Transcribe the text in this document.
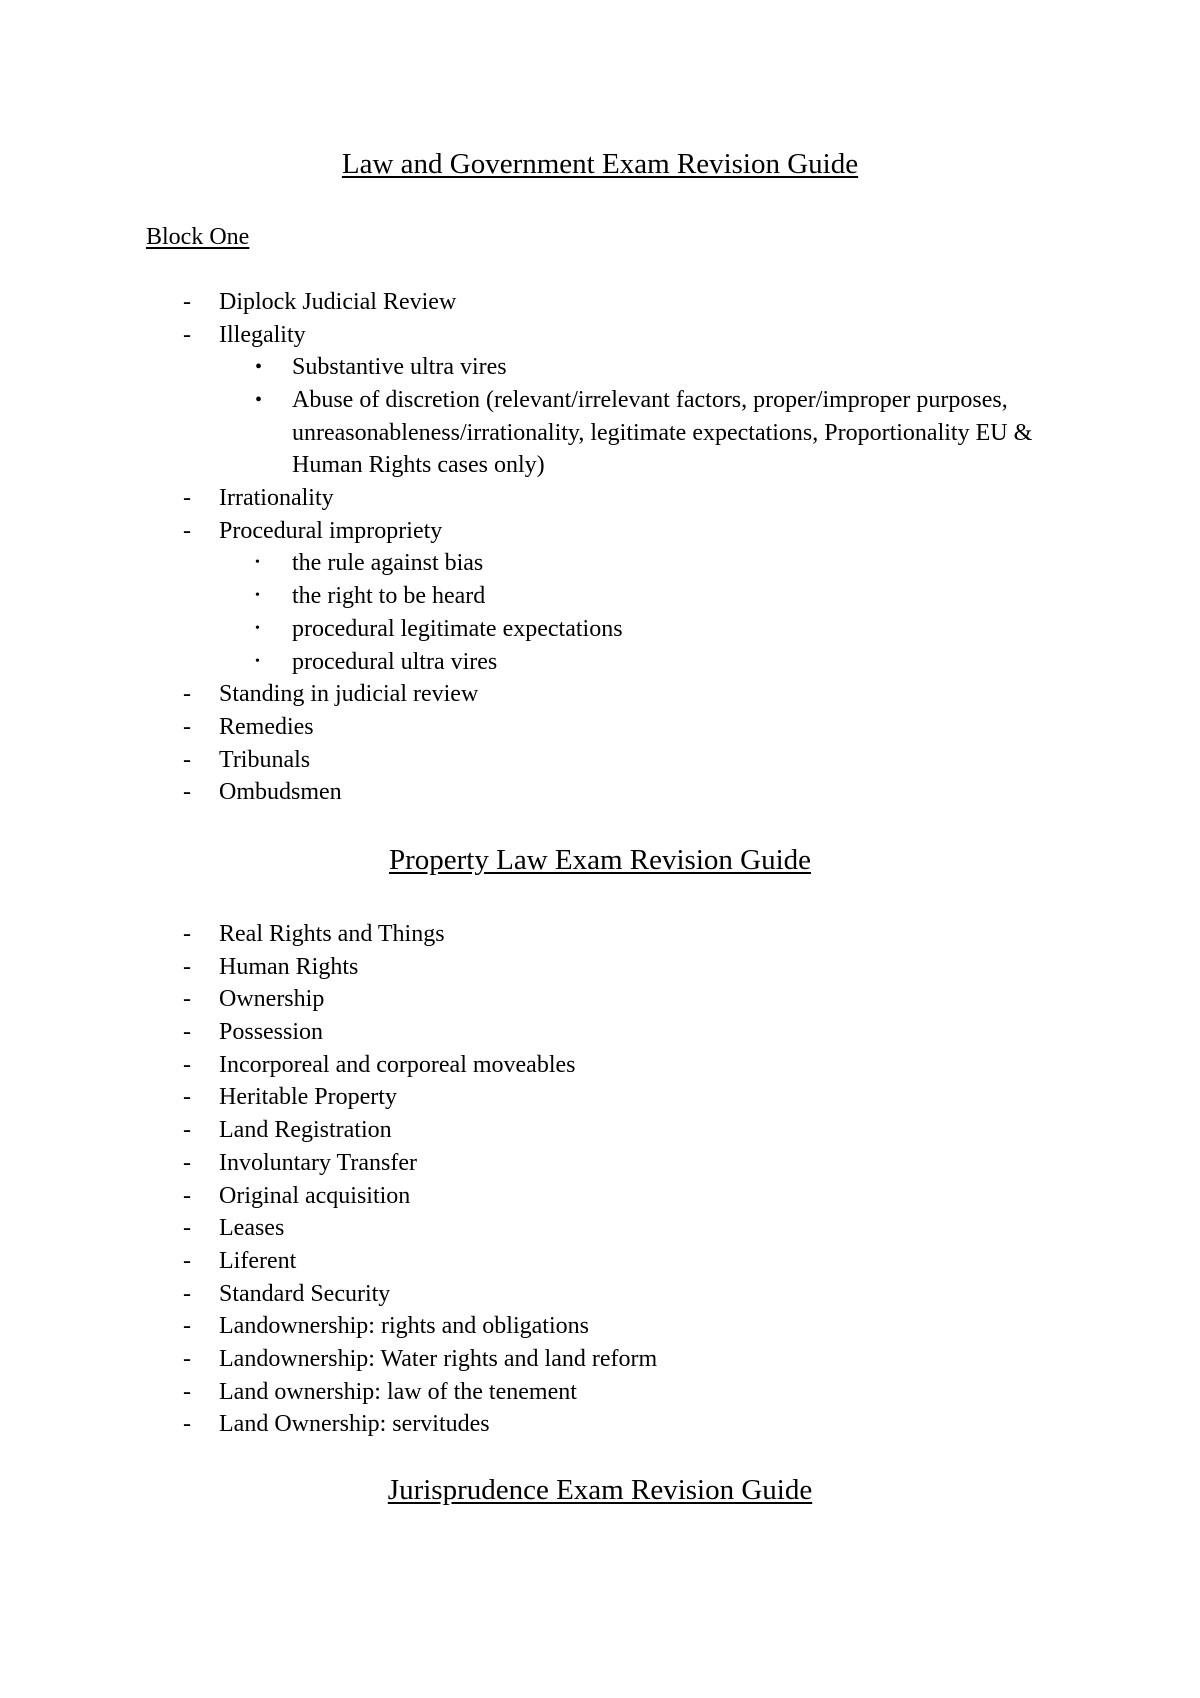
Law and Government Exam Revision Guide
Block One
- Diplock Judicial Review
- Illegality
• Substantive ultra vires
• Abuse of discretion (relevant/irrelevant factors, proper/improper purposes, unreasonableness/irrationality, legitimate expectations, Proportionality EU & Human Rights cases only)
- Irrationality
- Procedural impropriety
• the rule against bias
• the right to be heard
• procedural legitimate expectations
• procedural ultra vires
- Standing in judicial review
- Remedies
- Tribunals
- Ombudsmen
Property Law Exam Revision Guide
- Real Rights and Things
- Human Rights
- Ownership
- Possession
- Incorporeal and corporeal moveables
- Heritable Property
- Land Registration
- Involuntary Transfer
- Original acquisition
- Leases
- Liferent
- Standard Security
- Landownership: rights and obligations
- Landownership: Water rights and land reform
- Land ownership: law of the tenement
- Land Ownership: servitudes
Jurisprudence Exam Revision Guide
